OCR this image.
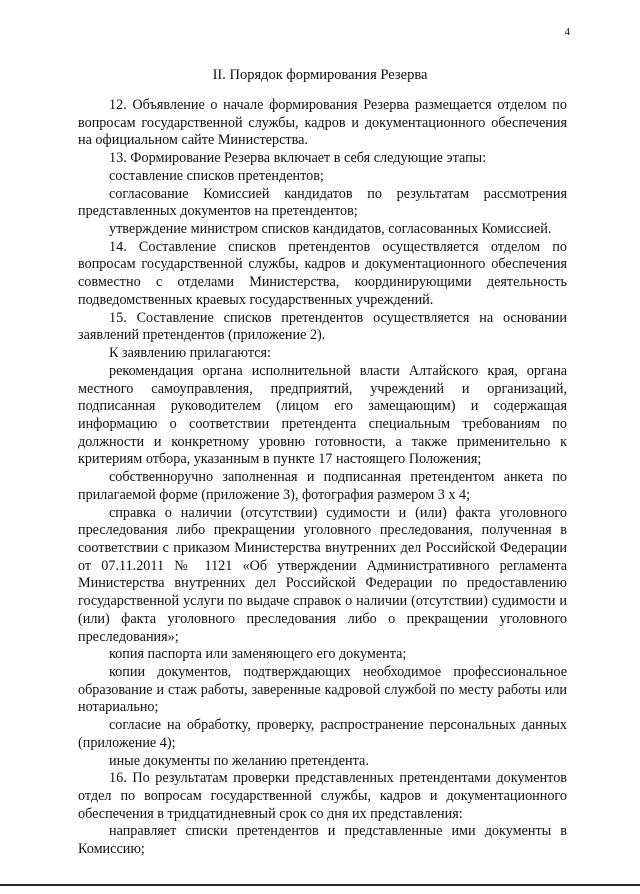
4
II. Порядок формирования Резерва

12. Объявление о начале формирования Резерва размещается отделом по вопросам государственной службы, кадров и документационного обеспечения на официальном сайте Министерства.

13. Формирование Резерва включает в себя следующие этапы:

составление списков претендентов;

согласование Комиссией кандидатов по результатам рассмотрения представленных документов на претендентов;

утверждение министром списков кандидатов, согласованных Комиссией.

14. Составление списков претендентов осуществляется отделом по вопросам государственной службы, кадров и документационного обеспечения совместно с отделами Министерства, координирующими деятельность подведомственных краевых государственных учреждений.

15. Составление списков претендентов осуществляется на основании заявлений претендентов (приложение 2).

К заявлению прилагаются:

рекомендация органа исполнительной власти Алтайского края, органа местного самоуправления, предприятий, учреждений и организаций, подписанная руководителем (лицом его замещающим) и содержащая информацию о соответствии претендента специальным требованиям по должности и конкретному уровню готовности, а также применительно к критериям отбора, указанным в пункте 17 настоящего Положения;

собственноручно заполненная и подписанная претендентом анкета по прилагаемой форме (приложение 3), фотография размером 3 х 4;

справка о наличии (отсутствии) судимости и (или) факта уголовного преследования либо прекращении уголовного преследования, полученная в соответствии с приказом Министерства внутренних дел Российской Федерации от 07.11.2011 № 1121 «Об утверждении Административного регламента Министерства внутренних дел Российской Федерации по предоставлению государственной услуги по выдаче справок о наличии (отсутствии) судимости и (или) факта уголовного преследования либо о прекращении уголовного преследования»;

копия паспорта или заменяющего его документа;

копии документов, подтверждающих необходимое профессиональное образование и стаж работы, заверенные кадровой службой по месту работы или нотариально;

согласие на обработку, проверку, распространение персональных данных (приложение 4);

иные документы по желанию претендента.

16. По результатам проверки представленных претендентами документов отдел по вопросам государственной службы, кадров и документационного обеспечения в тридцатидневный срок со дня их представления:

направляет списки претендентов и представленные ими документы в Комиссию;
